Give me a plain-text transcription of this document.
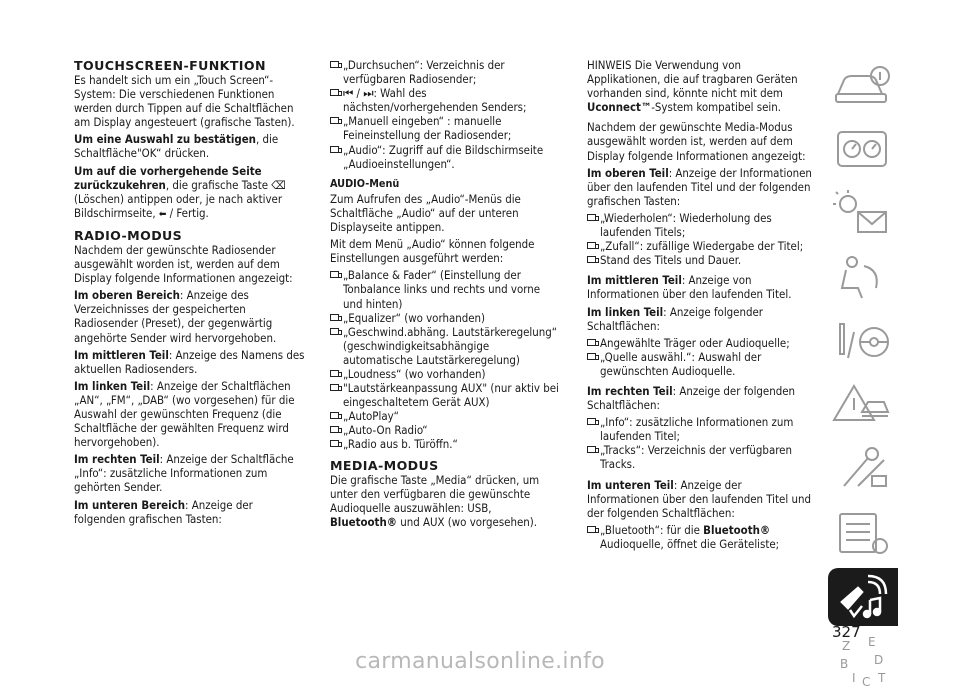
TOUCHSCREEN-FUNKTION

Es handelt sich um ein „Touch Screen“-System: Die verschiedenen Funktionen werden durch Tippen auf die Schaltflächen am Display angesteuert (grafische Tasten).

Um eine Auswahl zu bestätigen, die Schaltfläche"OK“ drücken.

Um auf die vorhergehende Seite zurückzukehren, die grafische Taste ⌫ (Löschen) antippen oder, je nach aktiver Bildschirmseite, ⬅ / Fertig.

RADIO-MODUS

Nachdem der gewünschte Radiosender ausgewählt worden ist, werden auf dem Display folgende Informationen angezeigt:

Im oberen Bereich: Anzeige des Verzeichnisses der gespeicherten Radiosender (Preset), der gegenwärtig angehörte Sender wird hervorgehoben.

Im mittleren Teil: Anzeige des Namens des aktuellen Radiosenders.

Im linken Teil: Anzeige der Schaltflächen „AN“, „FM“, „DAB“ (wo vorgesehen) für die Auswahl der gewünschten Frequenz (die Schaltfläche der gewählten Frequenz wird hervorgehoben).

Im rechten Teil: Anzeige der Schaltfläche „Info“: zusätzliche Informationen zum gehörten Sender.

Im unteren Bereich: Anzeige der folgenden grafischen Tasten:

„Durchsuchen“: Verzeichnis der verfügbaren Radiosender;
⏮ / ⏭: Wahl des nächsten/vorhergehenden Senders;
„Manuell eingeben“ : manuelle Feineinstellung der Radiosender;
„Audio“: Zugriff auf die Bildschirmseite „Audioeinstellungen“.
AUDIO-Menü

Zum Aufrufen des „Audio“-Menüs die Schaltfläche „Audio“ auf der unteren Displayseite antippen.

Mit dem Menü „Audio“ können folgende Einstellungen ausgeführt werden:

„Balance & Fader“ (Einstellung der Tonbalance links und rechts und vorne und hinten)
„Equalizer“ (wo vorhanden)
„Geschwind.abhäng. Lautstärkeregelung“ (geschwindigkeitsabhängige automatische Lautstärkeregelung)
„Loudness“ (wo vorhanden)
"Lautstärkeanpassung AUX" (nur aktiv bei eingeschaltetem Gerät AUX)
„AutoPlay“
„Auto-On Radio“
„Radio aus b. Türöffn.“
MEDIA-MODUS

Die grafische Taste „Media“ drücken, um unter den verfügbaren die gewünschte Audioquelle auszuwählen: USB, Bluetooth® und AUX (wo vorgesehen).

HINWEIS Die Verwendung von Applikationen, die auf tragbaren Geräten vorhanden sind, könnte nicht mit dem Uconnect™-System kompatibel sein.

Nachdem der gewünschte Media-Modus ausgewählt worden ist, werden auf dem Display folgende Informationen angezeigt:

Im oberen Teil: Anzeige der Informationen über den laufenden Titel und der folgenden grafischen Tasten:

„Wiederholen“: Wiederholung des laufenden Titels;
„Zufall“: zufällige Wiedergabe der Titel;
Stand des Titels und Dauer.

Im mittleren Teil: Anzeige von Informationen über den laufenden Titel.

Im linken Teil: Anzeige folgender Schaltflächen:

Angewählte Träger oder Audioquelle;
„Quelle auswähl.“: Auswahl der gewünschten Audioquelle.

Im rechten Teil: Anzeige der folgenden Schaltflächen:

„Info“: zusätzliche Informationen zum laufenden Titel;
„Tracks“: Verzeichnis der verfügbaren Tracks.

Im unteren Teil: Anzeige der Informationen über den laufenden Titel und der folgenden Schaltflächen:

„Bluetooth“: für die Bluetooth® Audioquelle, öffnet die Geräteliste;
Z E
B D
I C T
327
carmanualsonline.info
